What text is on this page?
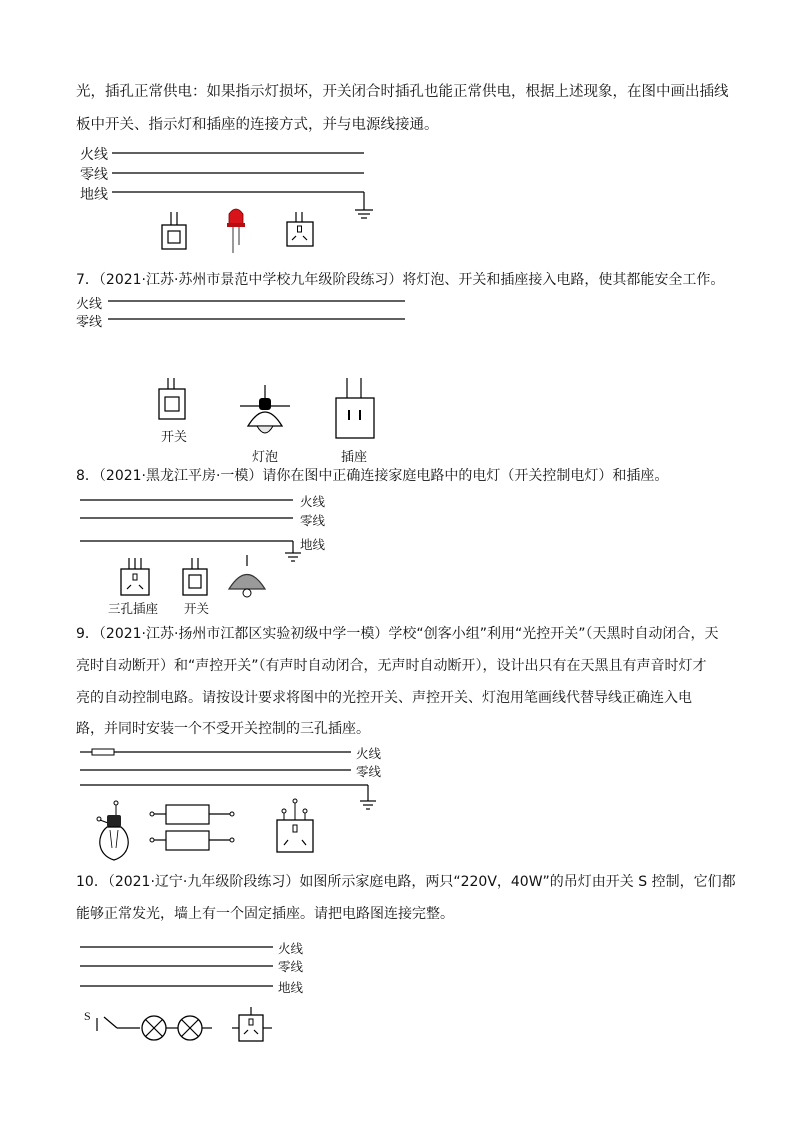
光，插孔正常供电：如果指示灯损坏，开关闭合时插孔也能正常供电，根据上述现象，在图中画出插线
板中开关、指示灯和插座的连接方式，并与电源线接通。
火线
零线
地线
7．（2021·江苏·苏州市景范中学校九年级阶段练习）将灯泡、开关和插座接入电路，使其都能安全工作。
火线
零线
开关
灯泡	插座
8．（2021·黑龙江平房·一模）请你在图中正确连接家庭电路中的电灯（开关控制电灯）和插座。
火线
零线
地线
三孔插座 开关
9．（2021·江苏·扬州市江都区实验初级中学一模）学校“创客小组”利用“光控开关”（天黑时自动闭合，天
亮时自动断开）和“声控开关”（有声时自动闭合，无声时自动断开），设计出只有在天黑且有声音时灯才
亮的自动控制电路。请按设计要求将图中的光控开关、声控开关、灯泡用笔画线代替导线正确连入电
路，并同时安装一个不受开关控制的三孔插座。
火线
零线
10．（2021·辽宁·九年级阶段练习）如图所示家庭电路，两只“220V，40W”的吊灯由开关 S 控制，它们都
能够正常发光，墙上有一个固定插座。请把电路图连接完整。
火线
零线
地线
S
